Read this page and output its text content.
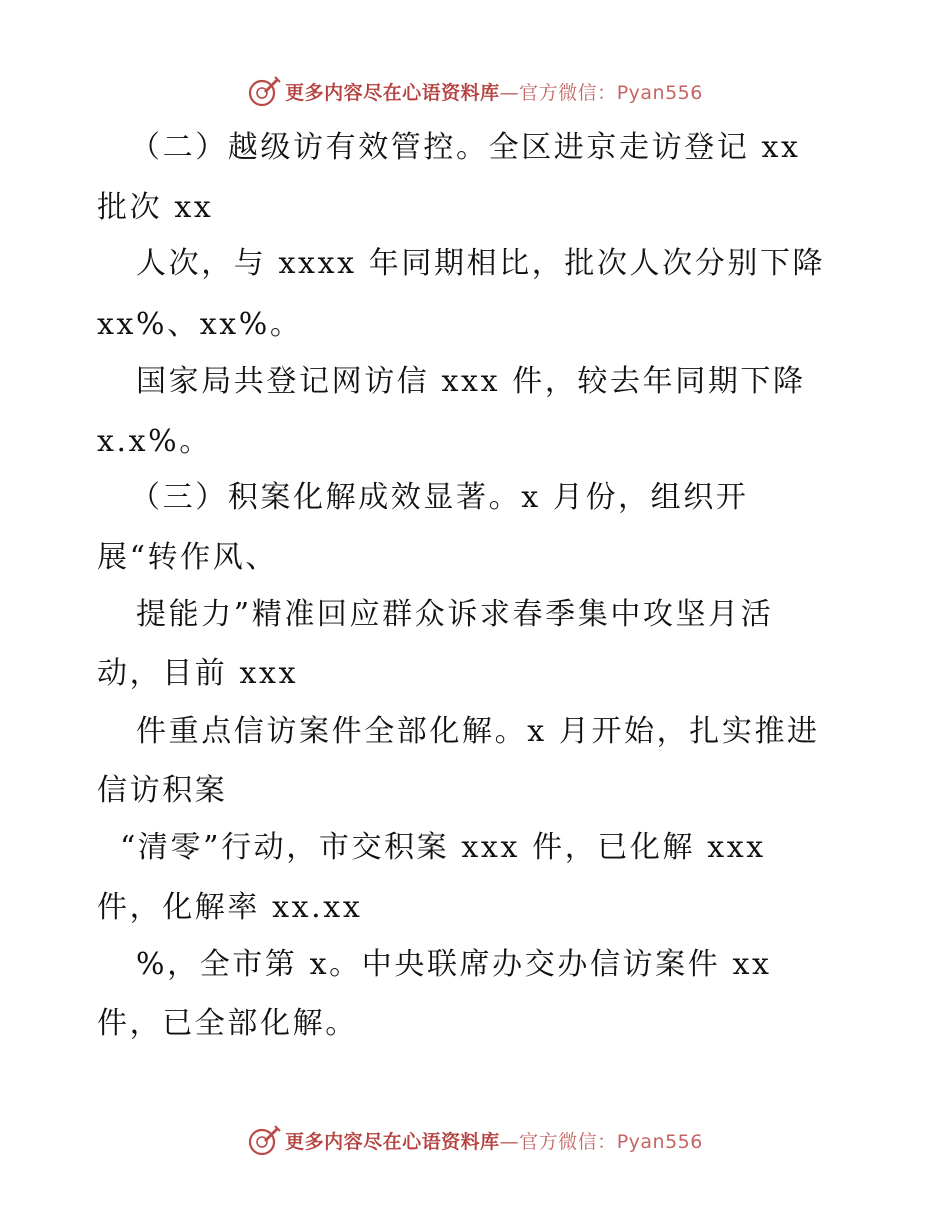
更多内容尽在心语资料库—官方微信：Pyan556
（二）越级访有效管控。全区进京走访登记 xx
批次 xx
人次，与 xxxx 年同期相比，批次人次分别下降
xx%、xx%。
国家局共登记网访信 xxx 件，较去年同期下降
x.x%。
（三）积案化解成效显著。x 月份，组织开
展“转作风、
提能力”精准回应群众诉求春季集中攻坚月活
动，目前 xxx
件重点信访案件全部化解。x 月开始，扎实推进
信访积案
“清零”行动，市交积案 xxx 件，已化解 xxx
件，化解率 xx.xx
%，全市第 x。中央联席办交办信访案件 xx
件，已全部化解。
更多内容尽在心语资料库—官方微信：Pyan556
